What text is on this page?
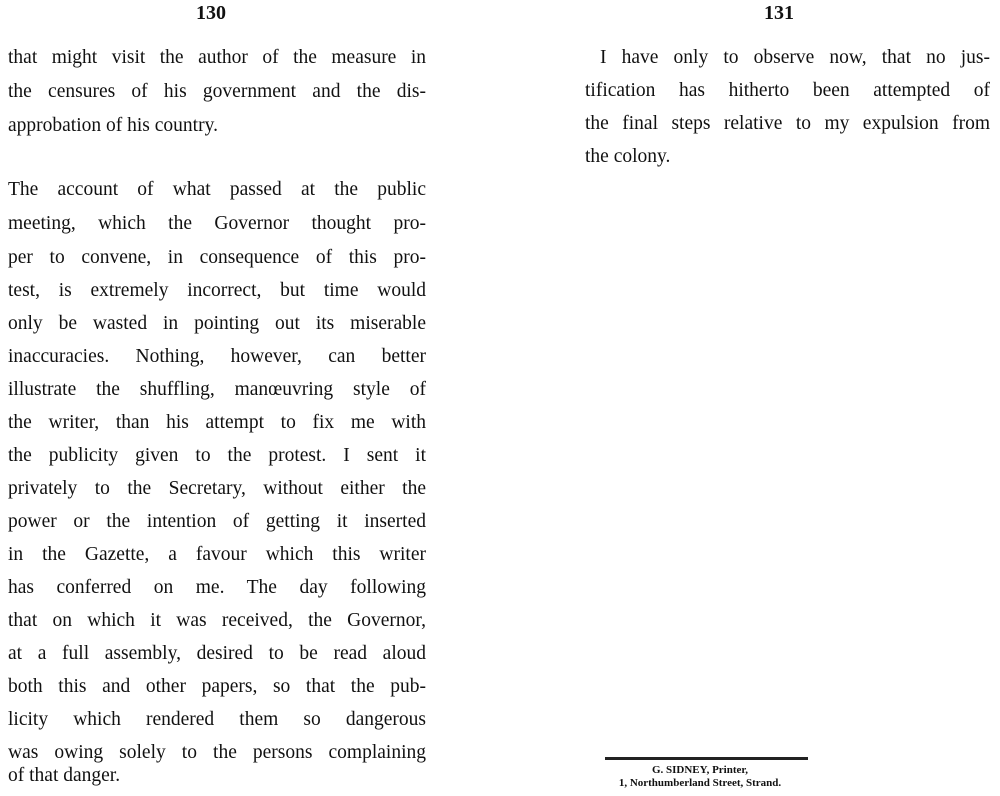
130
that might visit the author of the measure in
the censures of his government and the dis-
approbation of his country.
The account of what passed at the public
meeting, which the Governor thought pro-
per to convene, in consequence of this pro-
test, is extremely incorrect, but time would
only be wasted in pointing out its miserable
inaccuracies. Nothing, however, can better
illustrate the shuffling, manœuvring style of
the writer, than his attempt to fix me with
the publicity given to the protest. I sent it
privately to the Secretary, without either the
power or the intention of getting it inserted
in the Gazette, a favour which this writer
has conferred on me. The day following
that on which it was received, the Governor,
at a full assembly, desired to be read aloud
both this and other papers, so that the pub-
licity which rendered them so dangerous
was owing solely to the persons complaining
of that danger.
131
I have only to observe now, that no jus-
tification has hitherto been attempted of
the final steps relative to my expulsion from
the colony.
G. SIDNEY, Printer,
1, Northumberland Street, Strand.
